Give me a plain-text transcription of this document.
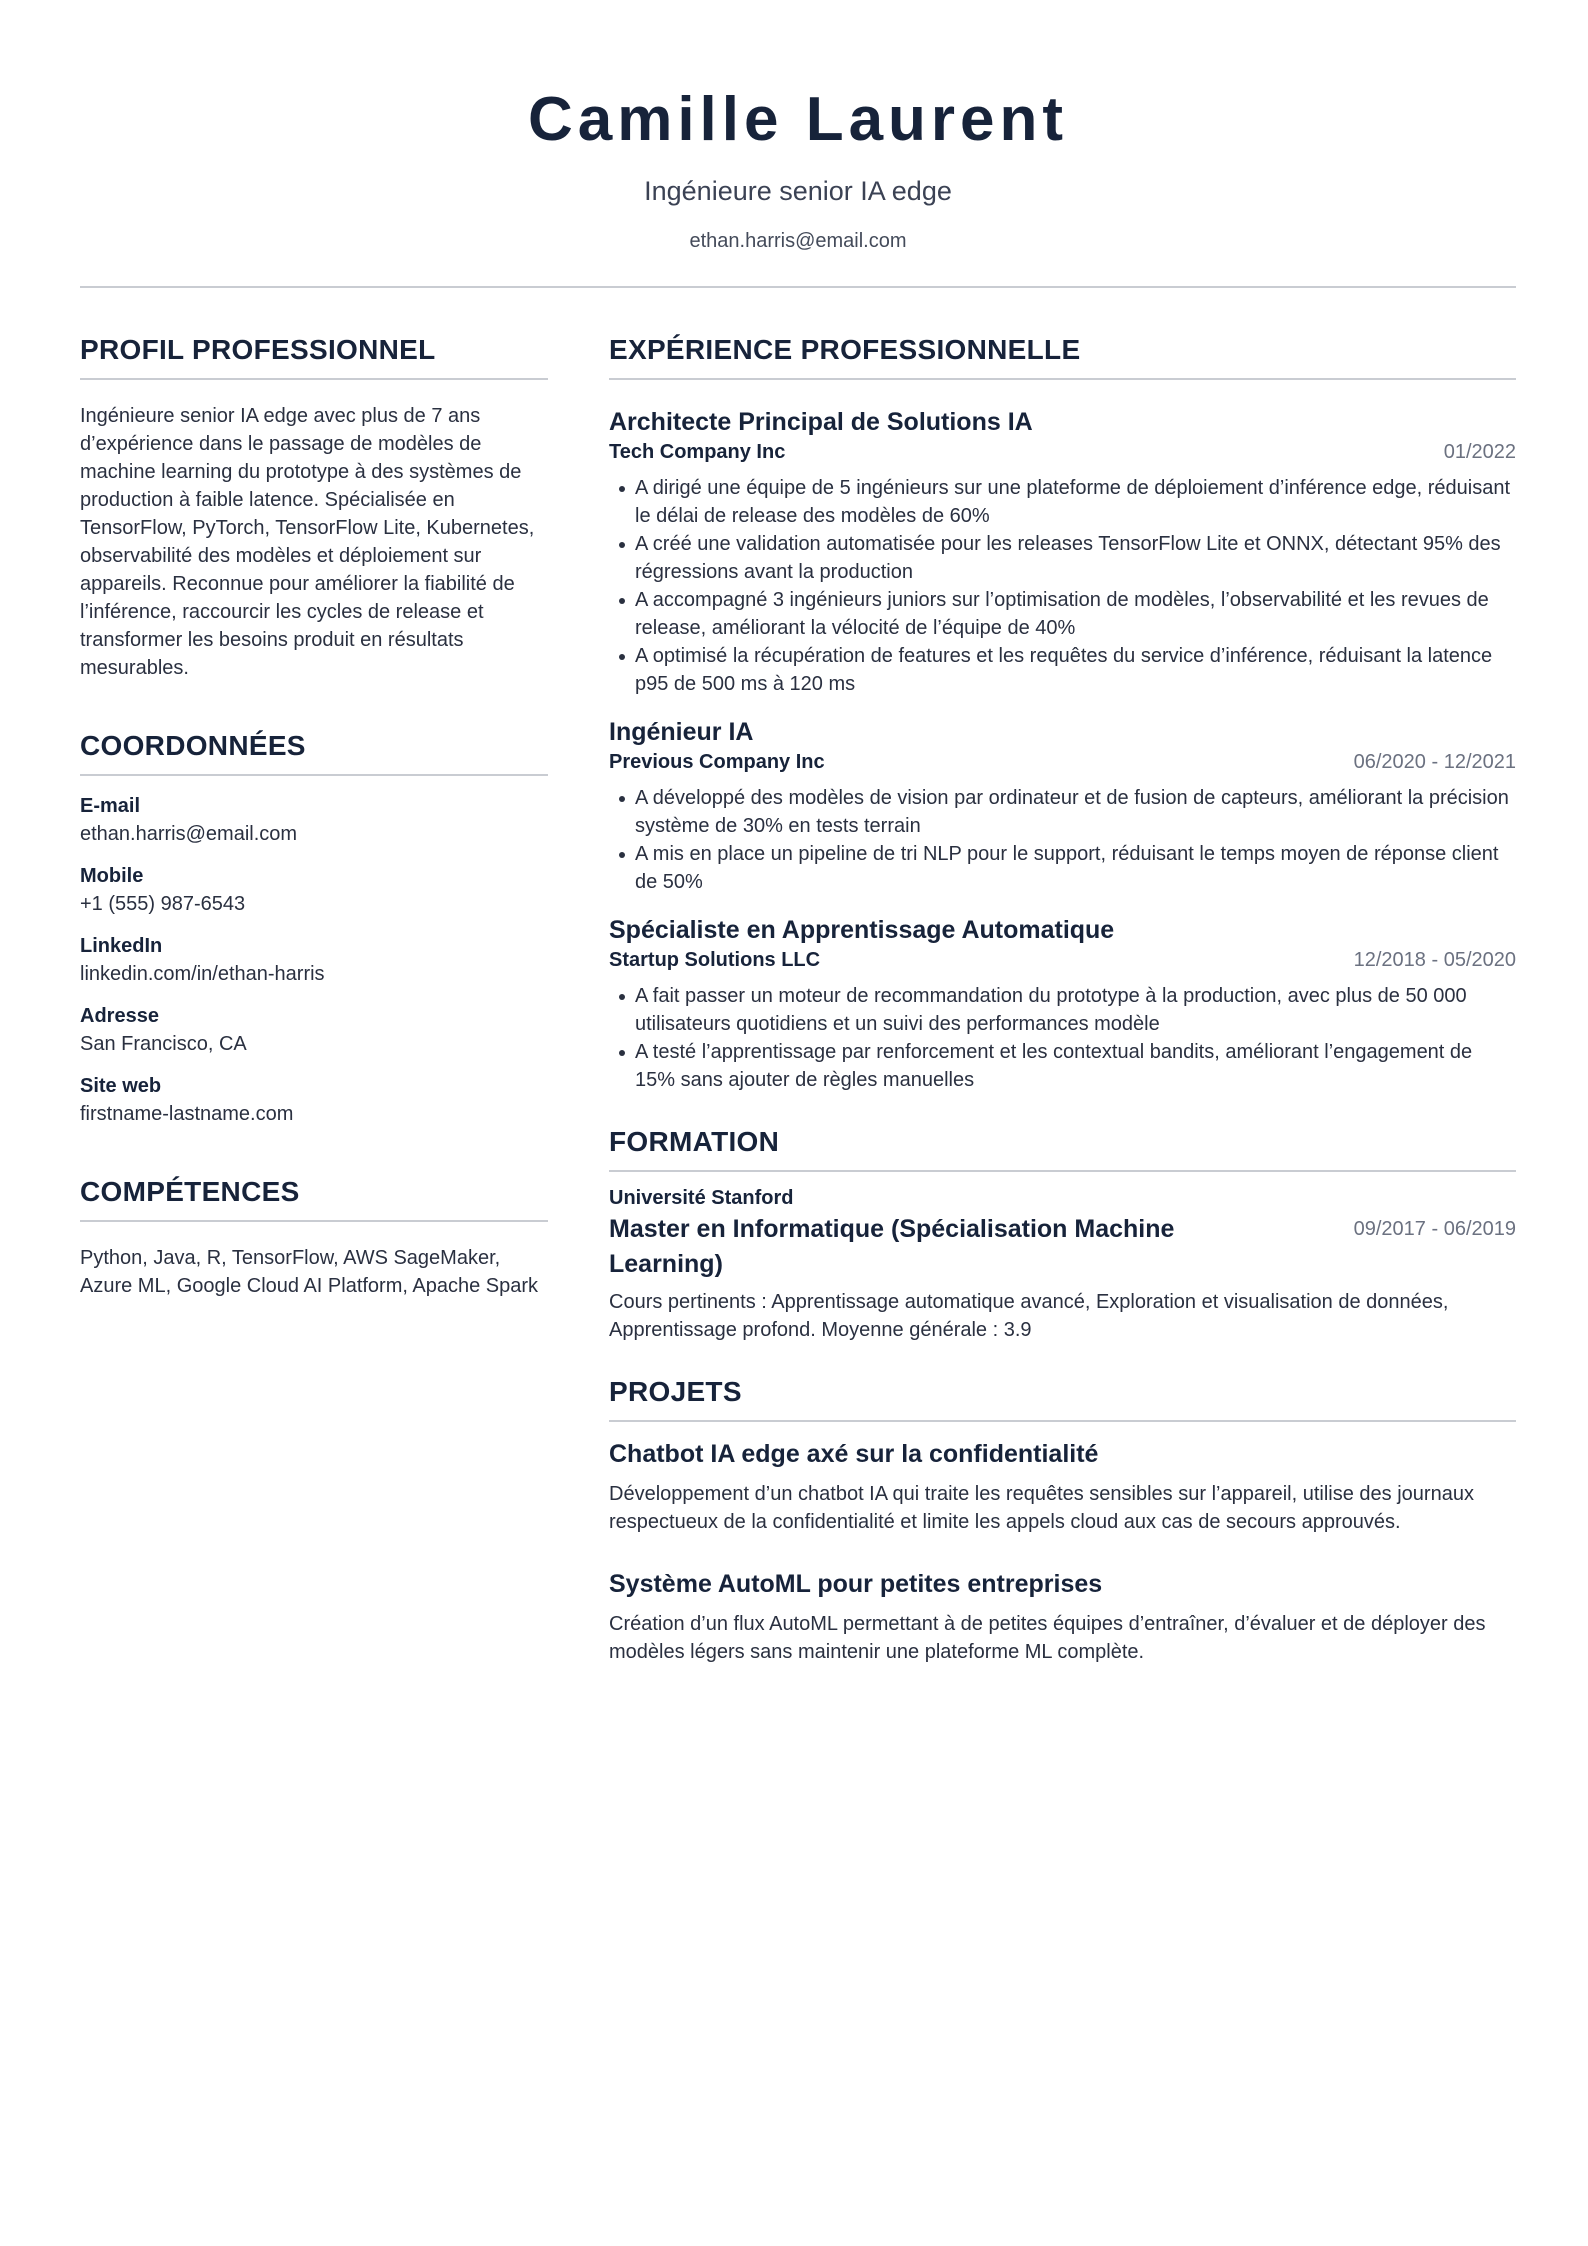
Camille Laurent
Ingénieure senior IA edge
ethan.harris@email.com
PROFIL PROFESSIONNEL
Ingénieure senior IA edge avec plus de 7 ans d’expérience dans le passage de modèles de machine learning du prototype à des systèmes de production à faible latence. Spécialisée en TensorFlow, PyTorch, TensorFlow Lite, Kubernetes, observabilité des modèles et déploiement sur appareils. Reconnue pour améliorer la fiabilité de l’inférence, raccourcir les cycles de release et transformer les besoins produit en résultats mesurables.
COORDONNÉES
E-mail
ethan.harris@email.com
Mobile
+1 (555) 987-6543
LinkedIn
linkedin.com/in/ethan-harris
Adresse
San Francisco, CA
Site web
firstname-lastname.com
COMPÉTENCES
Python, Java, R, TensorFlow, AWS SageMaker, Azure ML, Google Cloud AI Platform, Apache Spark
EXPÉRIENCE PROFESSIONNELLE
Architecte Principal de Solutions IA
Tech Company Inc	01/2022
A dirigé une équipe de 5 ingénieurs sur une plateforme de déploiement d’inférence edge, réduisant le délai de release des modèles de 60%
A créé une validation automatisée pour les releases TensorFlow Lite et ONNX, détectant 95% des régressions avant la production
A accompagné 3 ingénieurs juniors sur l’optimisation de modèles, l’observabilité et les revues de release, améliorant la vélocité de l’équipe de 40%
A optimisé la récupération de features et les requêtes du service d’inférence, réduisant la latence p95 de 500 ms à 120 ms
Ingénieur IA
Previous Company Inc	06/2020 - 12/2021
A développé des modèles de vision par ordinateur et de fusion de capteurs, améliorant la précision système de 30% en tests terrain
A mis en place un pipeline de tri NLP pour le support, réduisant le temps moyen de réponse client de 50%
Spécialiste en Apprentissage Automatique
Startup Solutions LLC	12/2018 - 05/2020
A fait passer un moteur de recommandation du prototype à la production, avec plus de 50 000 utilisateurs quotidiens et un suivi des performances modèle
A testé l’apprentissage par renforcement et les contextual bandits, améliorant l’engagement de 15% sans ajouter de règles manuelles
FORMATION
Université Stanford
Master en Informatique (Spécialisation Machine Learning)
09/2017 - 06/2019
Cours pertinents : Apprentissage automatique avancé, Exploration et visualisation de données, Apprentissage profond. Moyenne générale : 3.9
PROJETS
Chatbot IA edge axé sur la confidentialité
Développement d’un chatbot IA qui traite les requêtes sensibles sur l’appareil, utilise des journaux respectueux de la confidentialité et limite les appels cloud aux cas de secours approuvés.
Système AutoML pour petites entreprises
Création d’un flux AutoML permettant à de petites équipes d’entraîner, d’évaluer et de déployer des modèles légers sans maintenir une plateforme ML complète.
